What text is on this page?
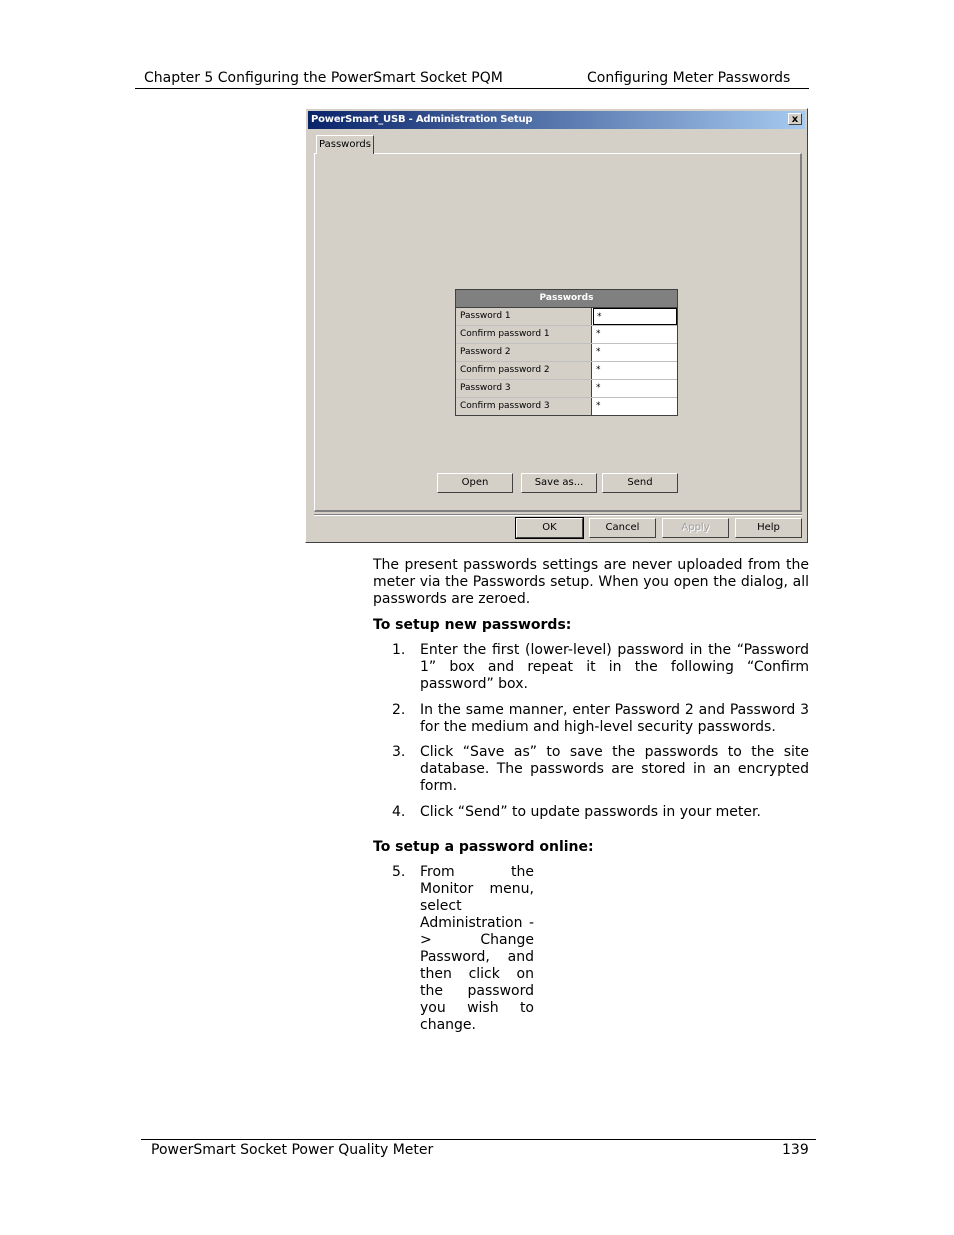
Chapter 5 Configuring the PowerSmart Socket PQM	Configuring Meter Passwords
PowerSmart_USB - Administration Setup	x
Passwords
Passwords
Password 1	*
Confirm password 1	*
Password 2	*
Confirm password 2	*
Password 3	*
Confirm password 3	*
Open	Save as...	Send
OK	Cancel	Apply	Help
The present passwords settings are never uploaded from the meter via the Passwords setup. When you open the dialog, all passwords are zeroed.
To setup new passwords:
1. Enter the first (lower-level) password in the “Password 1” box and repeat it in the following “Confirm password” box.
2. In the same manner, enter Password 2 and Password 3 for the medium and high-level security passwords.
3. Click “Save as” to save the passwords to the site database. The passwords are stored in an encrypted form.
4. Click “Send” to update passwords in your meter.
To setup a password online:
5. From the Monitor menu, select Administration -> Change Password, and then click on the password you wish to change.
PowerSmart Socket Power Quality Meter	139
